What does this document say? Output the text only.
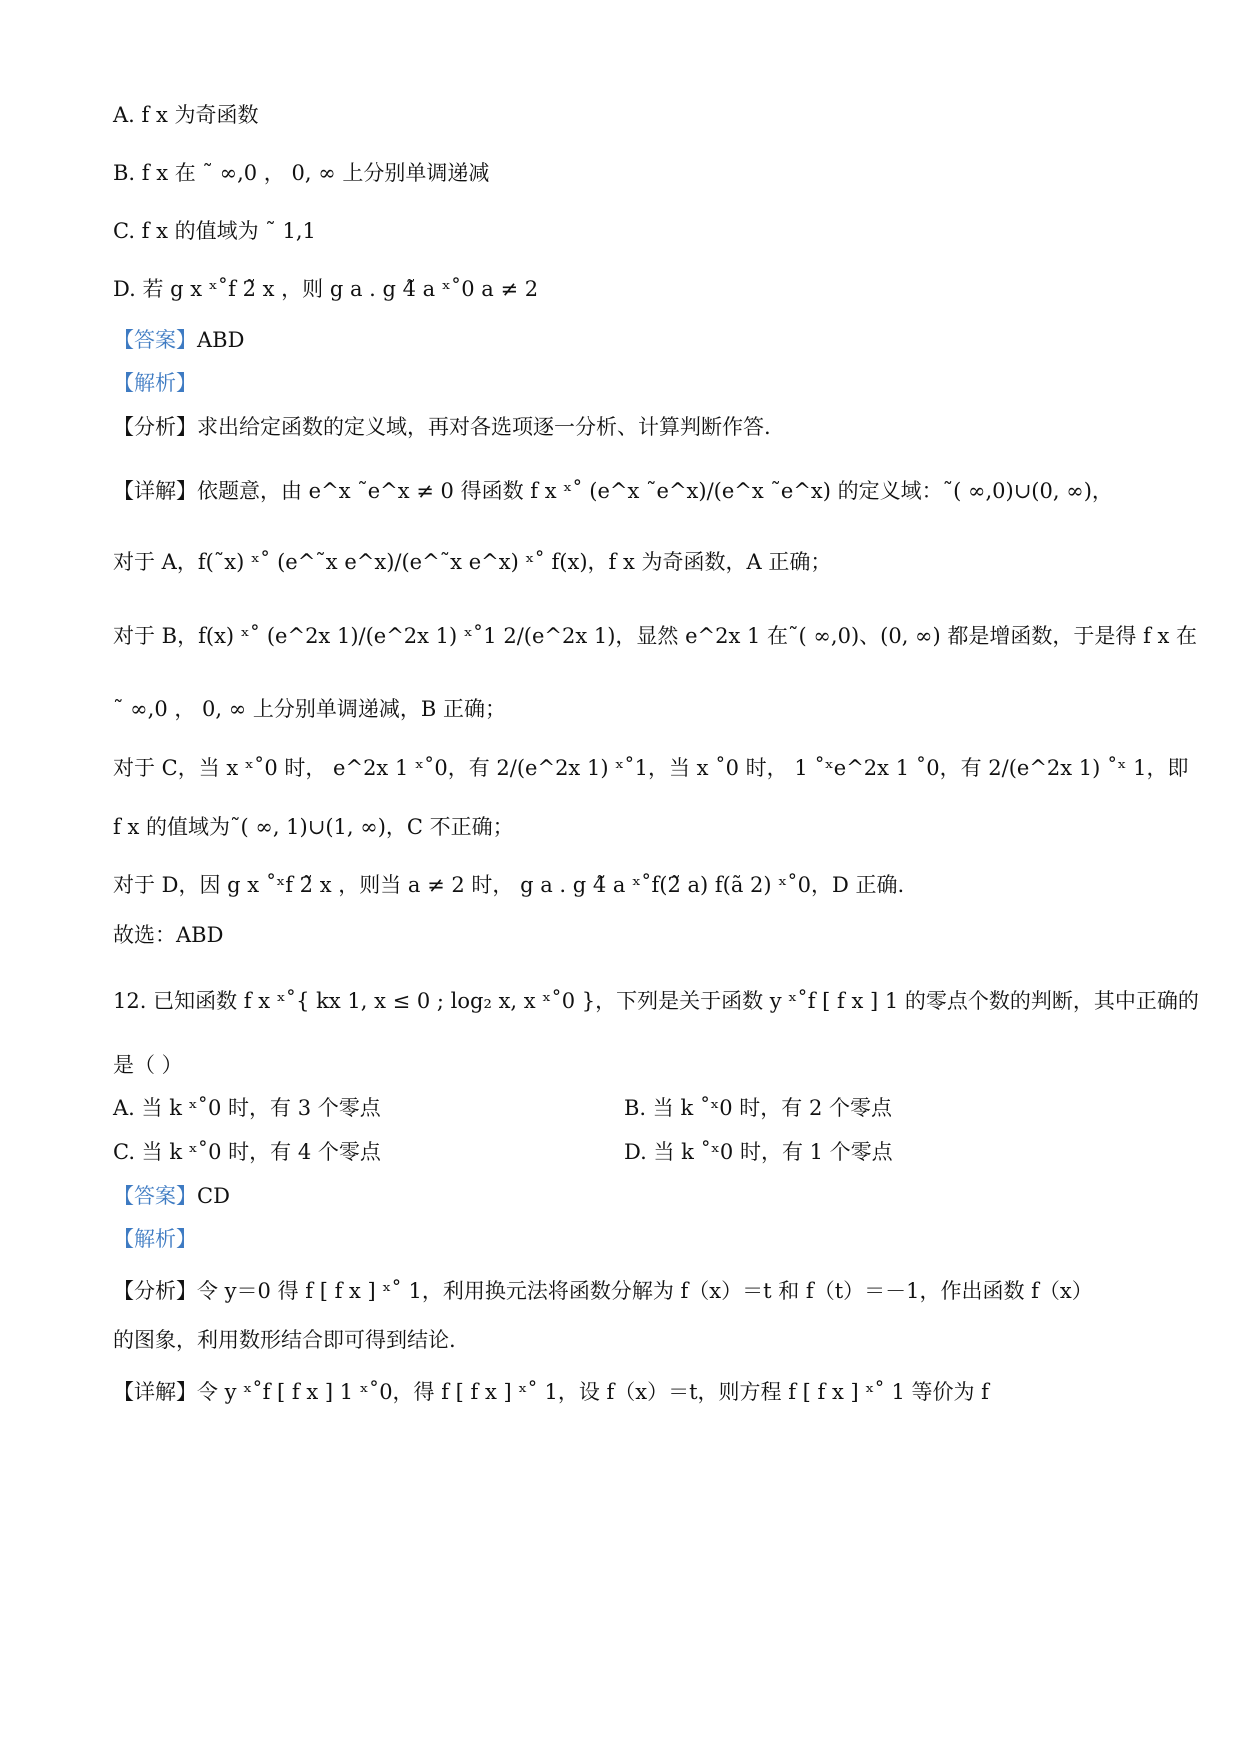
A. f x 为奇函数
B. f x 在 ˜ ∞,0 ， 0, ∞ 上分别单调递减
C. f x 的值域为 ˜ 1,1
D. 若 g x ˣ˚f 2̃ x ，则 g a . g 4̃ a ˣ˚0 a ≠ 2
【答案】ABD
【解析】
【分析】求出给定函数的定义域，再对各选项逐一分析、计算判断作答.
【详解】依题意，由 e^x ˜e^x ≠ 0 得函数 f x ˣ˚ (e^x ˜e^x)/(e^x ˜e^x) 的定义域：˜( ∞,0)∪(0, ∞)，
对于 A，f(˜x) ˣ˚ (e^˜x e^x)/(e^˜x e^x) ˣ˚ f(x)，f x 为奇函数，A 正确；
对于 B，f(x) ˣ˚ (e^2x 1)/(e^2x 1) ˣ˚1 2/(e^2x 1)，显然 e^2x 1 在˜( ∞,0)、(0, ∞) 都是增函数，于是得 f x 在
˜ ∞,0 ， 0, ∞ 上分别单调递减，B 正确；
对于 C，当 x ˣ˚0 时， e^2x 1 ˣ˚0，有 2/(e^2x 1) ˣ˚1，当 x ˚0 时， 1 ˚ˣe^2x 1 ˚0，有 2/(e^2x 1) ˚ˣ 1，即
f x 的值域为˜( ∞, 1)∪(1, ∞)，C 不正确；
对于 D，因 g x ˚ˣf 2̃ x ，则当 a ≠ 2 时， g a . g 4̃ a ˣ˚f(2̃ a) f(ã 2) ˣ˚0，D 正确.
故选：ABD
12. 已知函数 f x ˣ˚{ kx 1, x ≤ 0 ; log₂ x, x ˣ˚0 }，下列是关于函数 y ˣ˚f [ f x ] 1 的零点个数的判断，其中正确的
是（ ）
A. 当 k ˣ˚0 时，有 3 个零点	B. 当 k ˚ˣ0 时，有 2 个零点
C. 当 k ˣ˚0 时，有 4 个零点	D. 当 k ˚ˣ0 时，有 1 个零点
【答案】CD
【解析】
【分析】令 y＝0 得 f [ f x ] ˣ˚ 1，利用换元法将函数分解为 f（x）＝t 和 f（t）＝－1，作出函数 f（x）
的图象，利用数形结合即可得到结论.
【详解】令 y ˣ˚f [ f x ] 1 ˣ˚0，得 f [ f x ] ˣ˚ 1，设 f（x）＝t，则方程 f [ f x ] ˣ˚ 1 等价为 f
